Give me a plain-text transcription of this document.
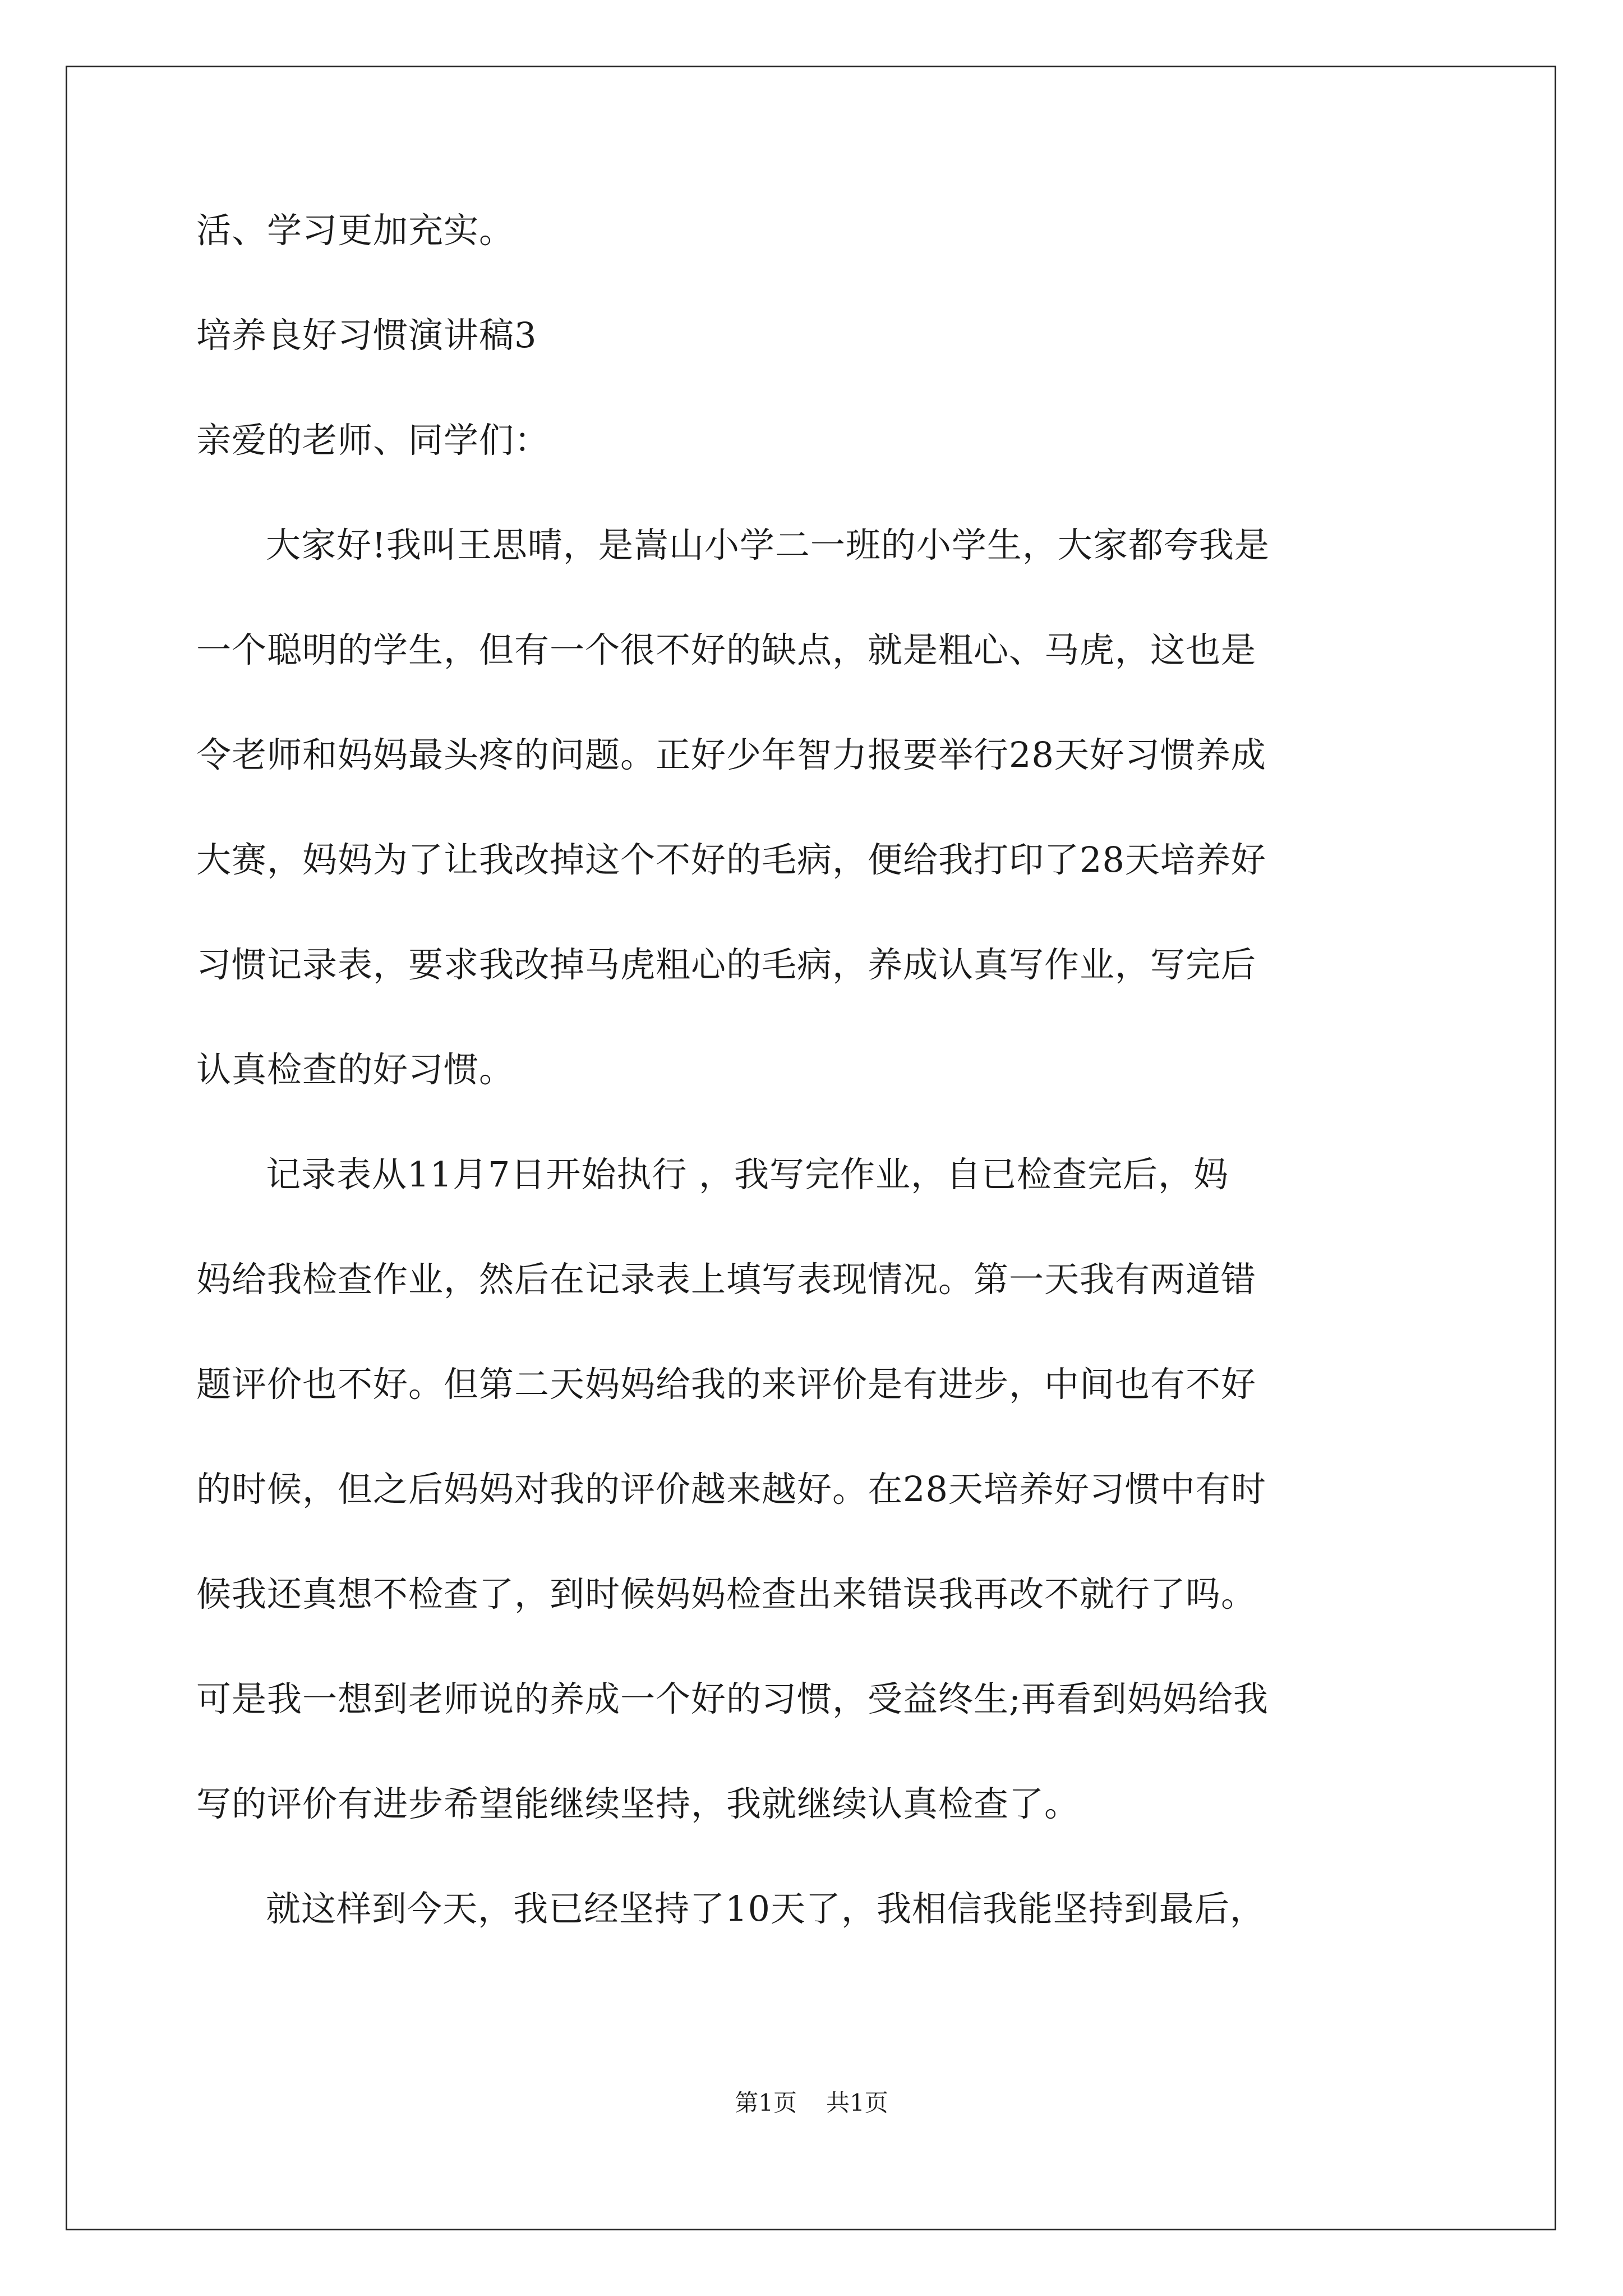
活、学习更加充实。
培养良好习惯演讲稿3
亲爱的老师、同学们：
大家好!我叫王思晴，是嵩山小学二一班的小学生，大家都夸我是
一个聪明的学生，但有一个很不好的缺点，就是粗心、马虎，这也是
令老师和妈妈最头疼的问题。正好少年智力报要举行28天好习惯养成
大赛，妈妈为了让我改掉这个不好的毛病，便给我打印了28天培养好
习惯记录表，要求我改掉马虎粗心的毛病，养成认真写作业，写完后
认真检查的好习惯。
记录表从11月7日开始执行 ，我写完作业，自已检查完后，妈
妈给我检查作业，然后在记录表上填写表现情况。第一天我有两道错
题评价也不好。但第二天妈妈给我的来评价是有进步，中间也有不好
的时候，但之后妈妈对我的评价越来越好。在28天培养好习惯中有时
候我还真想不检查了，到时候妈妈检查出来错误我再改不就行了吗。
可是我一想到老师说的养成一个好的习惯，受益终生;再看到妈妈给我
写的评价有进步希望能继续坚持，我就继续认真检查了。
就这样到今天，我已经坚持了10天了，我相信我能坚持到最后，
第1页 共1页
